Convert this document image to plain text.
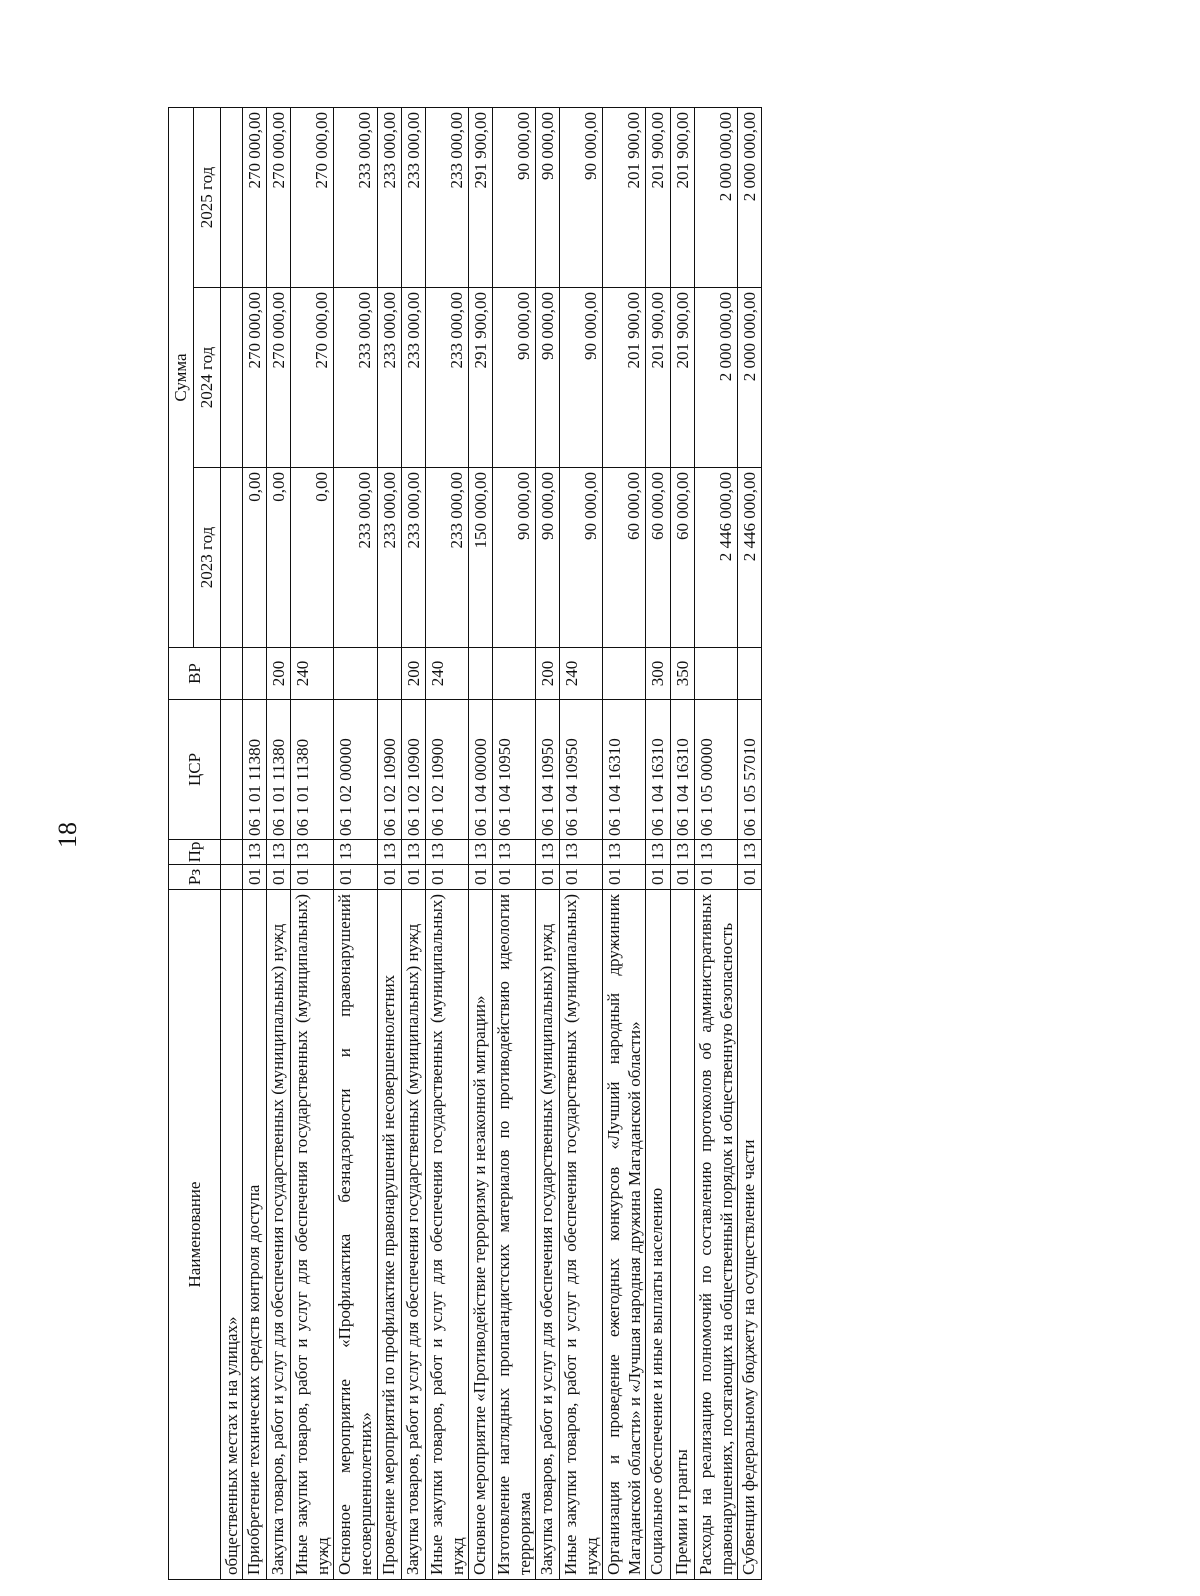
18
Наименование	Рз	Пр	ЦСР	ВР	Сумма		
					2023 год	2024 год	2025 год
общественных местах и на улицах»							
Приобретение технических средств контроля доступа	01	13	06 1 01 11380		0,00	270 000,00	270 000,00
Закупка товаров, работ и услуг для обеспечения государственных (муниципальных) нужд	01	13	06 1 01 11380	200	0,00	270 000,00	270 000,00
Иные закупки товаров, работ и услуг для обеспечения государственных (муниципальных) нужд	01	13	06 1 01 11380	240	0,00	270 000,00	270 000,00
Основное мероприятие «Профилактика безнадзорности и правонарушений несовершеннолетних»	01	13	06 1 02 00000		233 000,00	233 000,00	233 000,00
Проведение мероприятий по профилактике правонарушений несовершеннолетних	01	13	06 1 02 10900		233 000,00	233 000,00	233 000,00
Закупка товаров, работ и услуг для обеспечения государственных (муниципальных) нужд	01	13	06 1 02 10900	200	233 000,00	233 000,00	233 000,00
Иные закупки товаров, работ и услуг для обеспечения государственных (муниципальных) нужд	01	13	06 1 02 10900	240	233 000,00	233 000,00	233 000,00
Основное мероприятие «Противодействие терроризму и незаконной миграции»	01	13	06 1 04 00000		150 000,00	291 900,00	291 900,00
Изготовление наглядных пропагандистских материалов по противодействию идеологии терроризма	01	13	06 1 04 10950		90 000,00	90 000,00	90 000,00
Закупка товаров, работ и услуг для обеспечения государственных (муниципальных) нужд	01	13	06 1 04 10950	200	90 000,00	90 000,00	90 000,00
Иные закупки товаров, работ и услуг для обеспечения государственных (муниципальных) нужд	01	13	06 1 04 10950	240	90 000,00	90 000,00	90 000,00
Организация и проведение ежегодных конкурсов «Лучший народный дружинник Магаданской области» и «Лучшая народная дружина Магаданской области»	01	13	06 1 04 16310		60 000,00	201 900,00	201 900,00
Социальное обеспечение и иные выплаты населению	01	13	06 1 04 16310	300	60 000,00	201 900,00	201 900,00
Премии и гранты	01	13	06 1 04 16310	350	60 000,00	201 900,00	201 900,00
Расходы на реализацию полномочий по составлению протоколов об административных правонарушениях, посягающих на общественный порядок и общественную безопасность	01	13	06 1 05 00000		2 446 000,00	2 000 000,00	2 000 000,00
Субвенции федеральному бюджету на осуществление части	01	13	06 1 05 57010		2 446 000,00	2 000 000,00	2 000 000,00
